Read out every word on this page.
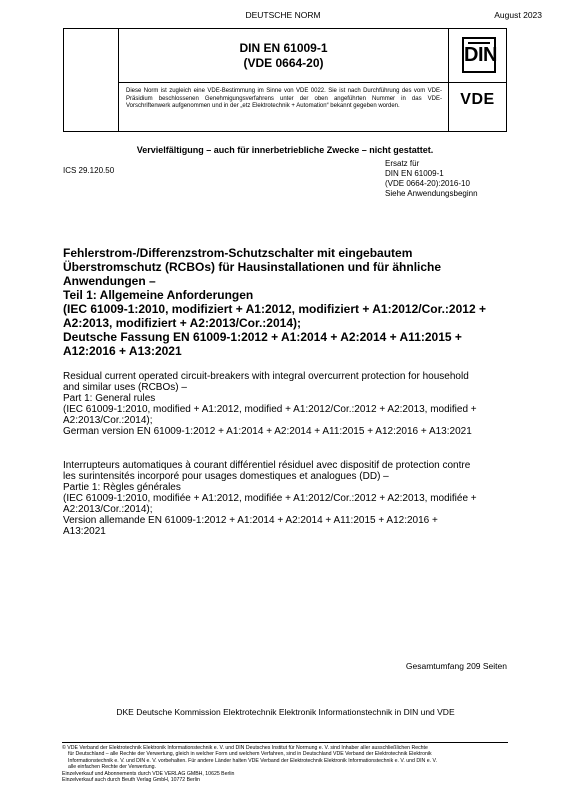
DEUTSCHE NORM	August 2023
DIN EN 61009-1
(VDE 0664-20)
Diese Norm ist zugleich eine VDE-Bestimmung im Sinne von VDE 0022. Sie ist nach Durchführung des vom VDE-Präsidium beschlossenen Genehmigungsverfahrens unter der oben angeführten Nummer in das VDE-Vorschriftenwerk aufgenommen und in der „etz Elektrotechnik + Automation“ bekannt gegeben worden.
DIN
VDE
Vervielfältigung – auch für innerbetriebliche Zwecke – nicht gestattet.
ICS 29.120.50
Ersatz für
DIN EN 61009-1
(VDE 0664-20):2016-10
Siehe Anwendungsbeginn
Fehlerstrom-/Differenzstrom-Schutzschalter mit eingebautem
Überstromschutz (RCBOs) für Hausinstallationen und für ähnliche
Anwendungen –
Teil 1: Allgemeine Anforderungen
(IEC 61009-1:2010, modifiziert + A1:2012, modifiziert + A1:2012/Cor.:2012 +
A2:2013, modifiziert + A2:2013/Cor.:2014);
Deutsche Fassung EN 61009-1:2012 + A1:2014 + A2:2014 + A11:2015 +
A12:2016 + A13:2021
Residual current operated circuit-breakers with integral overcurrent protection for household
and similar uses (RCBOs) –
Part 1: General rules
(IEC 61009-1:2010, modified + A1:2012, modified + A1:2012/Cor.:2012 + A2:2013, modified +
A2:2013/Cor.:2014);
German version EN 61009-1:2012 + A1:2014 + A2:2014 + A11:2015 + A12:2016 + A13:2021
Interrupteurs automatiques à courant différentiel résiduel avec dispositif de protection contre
les surintensités incorporé pour usages domestiques et analogues (DD) –
Partie 1: Règles générales
(IEC 61009-1:2010, modifiée + A1:2012, modifiée + A1:2012/Cor.:2012 + A2:2013, modifiée +
A2:2013/Cor.:2014);
Version allemande EN 61009-1:2012 + A1:2014 + A2:2014 + A11:2015 + A12:2016 +
A13:2021
Gesamtumfang 209 Seiten
DKE Deutsche Kommission Elektrotechnik Elektronik Informationstechnik in DIN und VDE
© VDE Verband der Elektrotechnik Elektronik Informationstechnik e. V. und DIN Deutsches Institut für Normung e. V. sind Inhaber aller ausschließlichen Rechte
für Deutschland – alle Rechte der Verwertung, gleich in welcher Form und welchem Verfahren, sind in Deutschland VDE Verband der Elektrotechnik Elektronik
Informationstechnik e. V. und DIN e. V. vorbehalten. Für andere Länder halten VDE Verband der Elektrotechnik Elektronik Informationstechnik e. V. und DIN e. V.
alle einfachen Rechte der Verwertung.
Einzelverkauf und Abonnements durch VDE VERLAG GMBH, 10625 Berlin
Einzelverkauf auch durch Beuth Verlag GmbH, 10772 Berlin
